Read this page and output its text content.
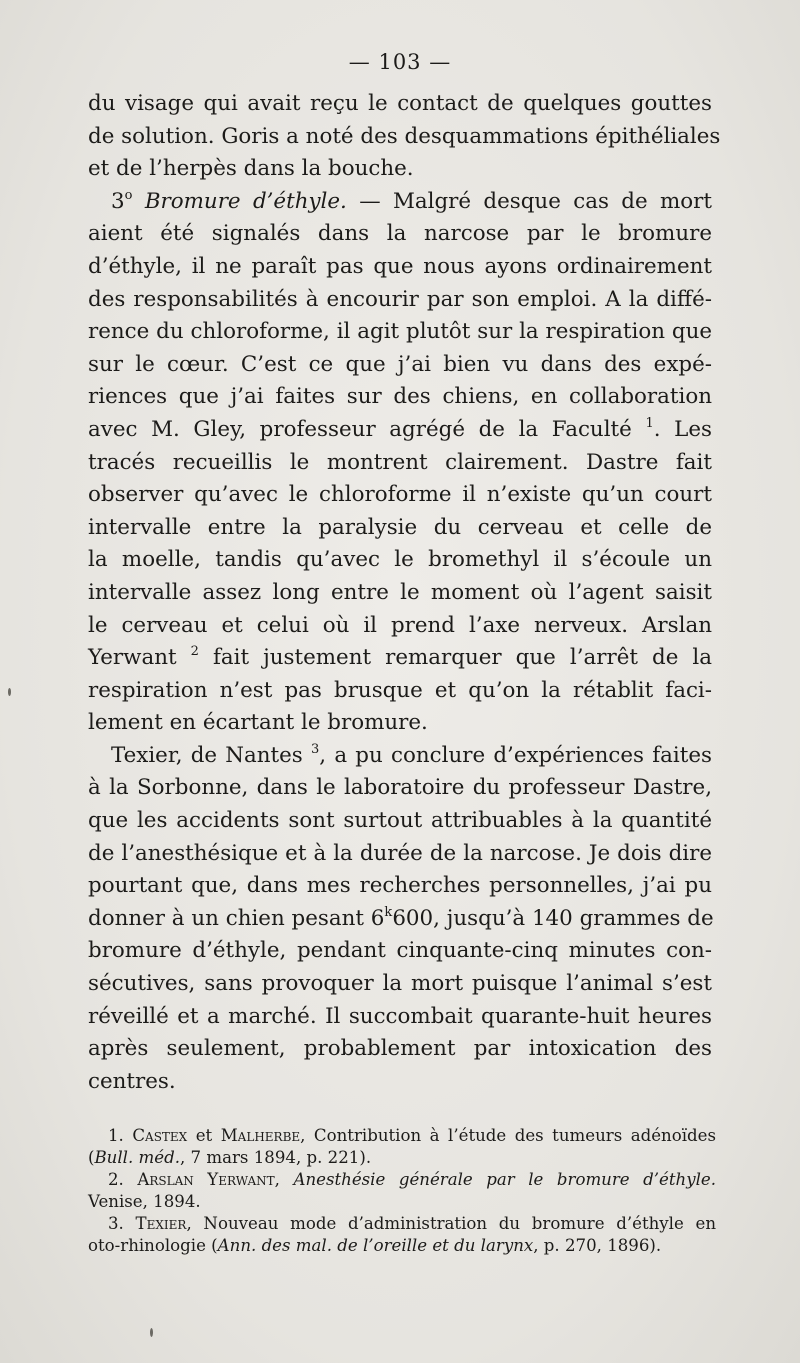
— 103 —

du visage qui avait reçu le contact de quelques gouttes
de solution. Goris a noté des desquammations épithéliales
et de l’herpès dans la bouche.

3$^o$ Bromure d’éthyle. — Malgré desque cas de mort
aient été signalés dans la narcose par le bromure
d’éthyle, il ne paraît pas que nous ayons ordinairement
des responsabilités à encourir par son emploi. A la diffé-
rence du chloroforme, il agit plutôt sur la respiration que
sur le cœur. C’est ce que j’ai bien vu dans des expé-
riences que j’ai faites sur des chiens, en collaboration
avec M. Gley, professeur agrégé de la Faculté $^1$. Les
tracés recueillis le montrent clairement. Dastre fait
observer qu’avec le chloroforme il n’existe qu’un court
intervalle entre la paralysie du cerveau et celle de
la moelle, tandis qu’avec le bromethyl il s’écoule un
intervalle assez long entre le moment où l’agent saisit
le cerveau et celui où il prend l’axe nerveux. Arslan
Yerwant $^2$ fait justement remarquer que l’arrêt de la
respiration n’est pas brusque et qu’on la rétablit faci-
lement en écartant le bromure.

Texier, de Nantes $^3$, a pu conclure d’expériences faites
à la Sorbonne, dans le laboratoire du professeur Dastre,
que les accidents sont surtout attribuables à la quantité
de l’anesthésique et à la durée de la narcose. Je dois dire
pourtant que, dans mes recherches personnelles, j’ai pu
donner à un chien pesant 6$^k$600, jusqu’à 140 grammes de
bromure d’éthyle, pendant cinquante-cinq minutes con-
sécutives, sans provoquer la mort puisque l’animal s’est
réveillé et a marché. Il succombait quarante-huit heures
après seulement, probablement par intoxication des
centres.

1. Castex et Malherbe, Contribution à l’étude des tumeurs adénoïdes
(Bull. méd., 7 mars 1894, p. 221).
2. Arslan Yerwant, Anesthésie générale par le bromure d’éthyle.
Venise, 1894.
3. Texier, Nouveau mode d’administration du bromure d’éthyle en
oto-rhinologie (Ann. des mal. de l’oreille et du larynx, p. 270, 1896).
